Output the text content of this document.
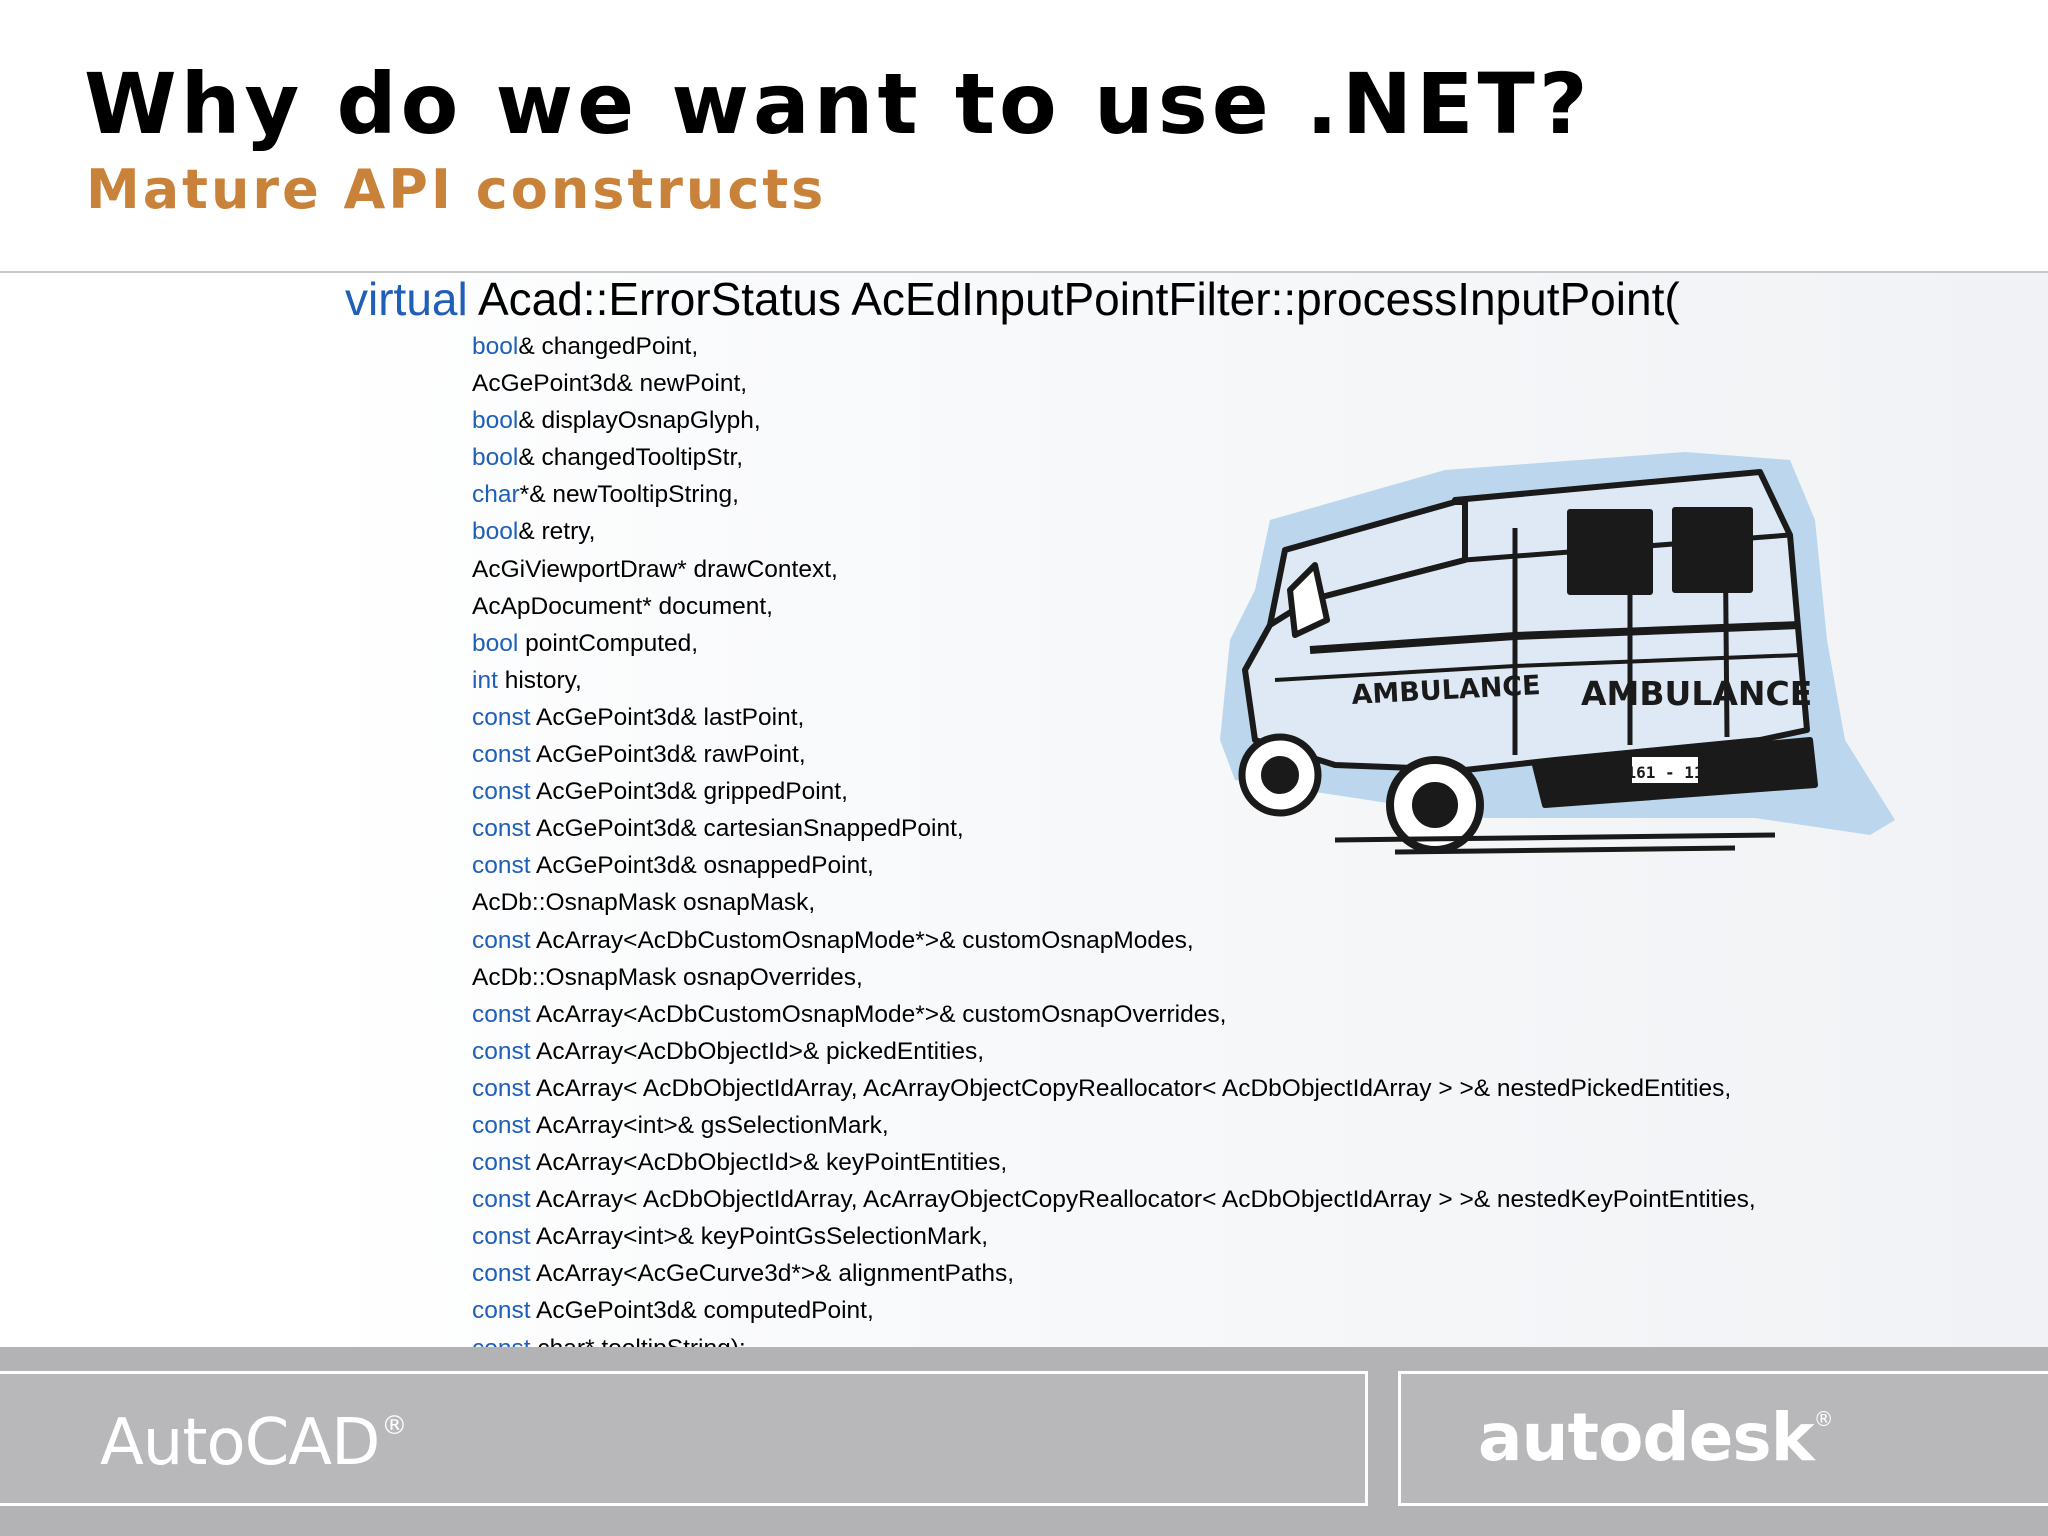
Why do we want to use .NET?
Mature API constructs

virtual Acad::ErrorStatus AcEdInputPointFilter::processInputPoint(

bool& changedPoint,
AcGePoint3d& newPoint,
bool& displayOsnapGlyph,
bool& changedTooltipStr,
char*& newTooltipString,
bool& retry,
AcGiViewportDraw* drawContext,
AcApDocument* document,
bool pointComputed,
int history,
const AcGePoint3d& lastPoint,
const AcGePoint3d& rawPoint,
const AcGePoint3d& grippedPoint,
const AcGePoint3d& cartesianSnappedPoint,
const AcGePoint3d& osnappedPoint,
AcDb::OsnapMask osnapMask,
const AcArray<AcDbCustomOsnapMode*>& customOsnapModes,
AcDb::OsnapMask osnapOverrides,
const AcArray<AcDbCustomOsnapMode*>& customOsnapOverrides,
const AcArray<AcDbObjectId>& pickedEntities,
const AcArray< AcDbObjectIdArray, AcArrayObjectCopyReallocator< AcDbObjectIdArray > >& nestedPickedEntities,
const AcArray<int>& gsSelectionMark,
const AcArray<AcDbObjectId>& keyPointEntities,
const AcArray< AcDbObjectIdArray, AcArrayObjectCopyReallocator< AcDbObjectIdArray > >& nestedKeyPointEntities,
const AcArray<int>& keyPointGsSelectionMark,
const AcArray<AcGeCurve3d*>& alignmentPaths,
const AcGePoint3d& computedPoint,
AMBULANCE AMBULANCE
161 - 11

AutoCAD®	autodesk®
